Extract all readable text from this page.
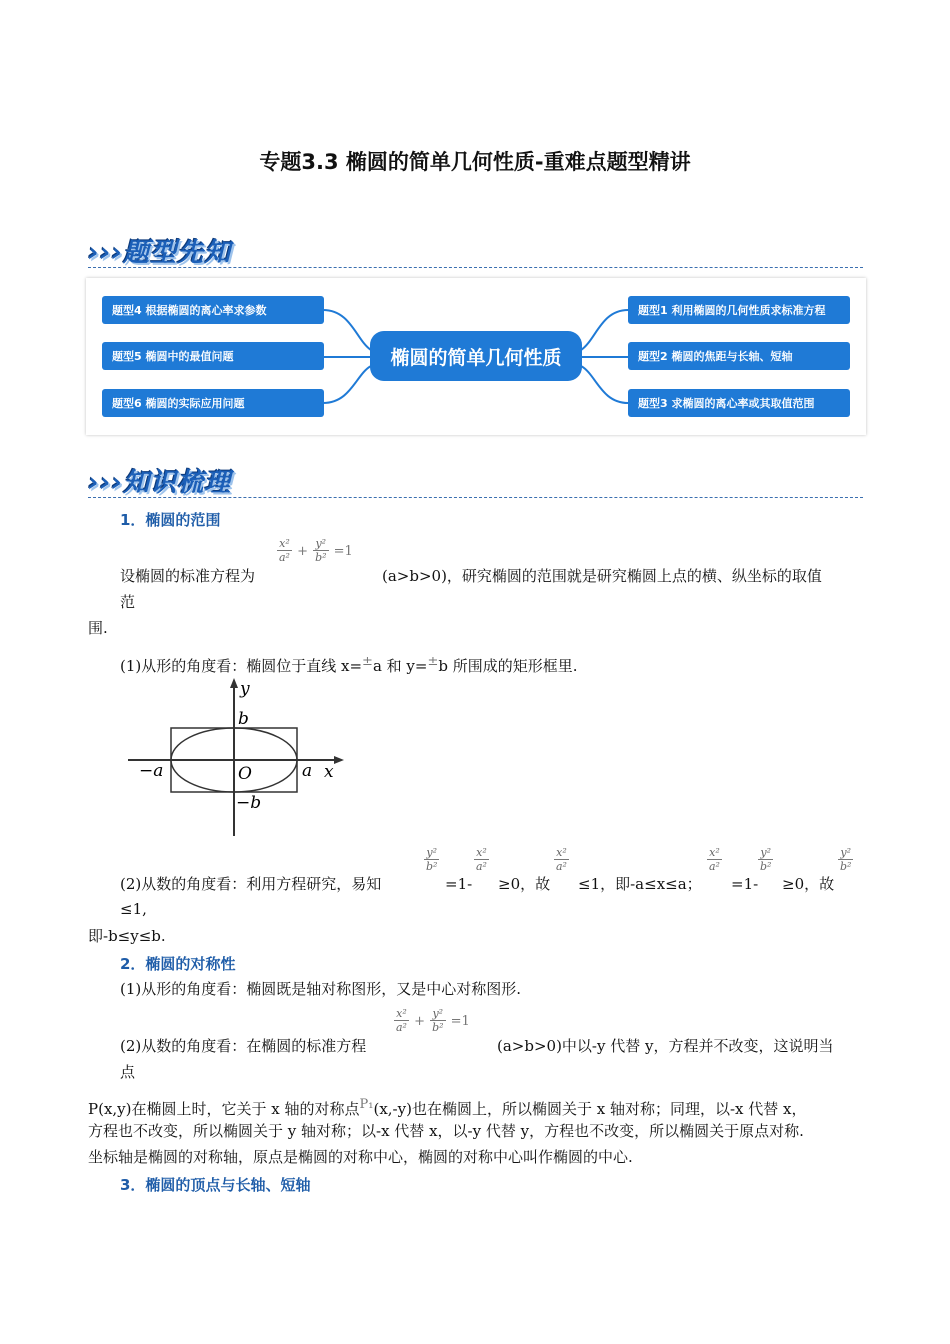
专题3.3 椭圆的简单几何性质-重难点题型精讲
›››题型先知
题型4 根据椭圆的离心率求参数
题型5 椭圆中的最值问题
题型6 椭圆的实际应用问题
椭圆的简单几何性质
题型1 利用椭圆的几何性质求标准方程
题型2 椭圆的焦距与长轴、短轴
题型3 求椭圆的离心率或其取值范围
›››知识梳理
1．椭圆的范围
$\frac{\text{x²}}{\text{a²}} + \frac{\text{y²}}{\text{b²}} =1$
设椭圆的标准方程为	(a>b>0)，研究椭圆的范围就是研究椭圆上点的横、纵坐标的取值
范
围.
(1)从形的角度看：椭圆位于直线 x=±a 和 y=±b 所围成的矩形框里.
y
b
−b
O
−a	a x
$\frac{\text{y²}}{\text{b²}}$	$\frac{\text{x²}}{\text{a²}}$	$\frac{\text{x²}}{\text{a²}}$	$\frac{\text{x²}}{\text{a²}}$	$\frac{\text{y²}}{\text{b²}}$	$\frac{\text{y²}}{\text{b²}}$
(2)从数的角度看：利用方程研究，易知	=1- ≥0，故 ≤1，即-a≤x≤a； =1- ≥0，故
≤1,
即-b≤y≤b.
2．椭圆的对称性
(1)从形的角度看：椭圆既是轴对称图形，又是中心对称图形.
$\frac{\text{x²}}{\text{a²}} + \frac{\text{y²}}{\text{b²}} =1$
(2)从数的角度看：在椭圆的标准方程	(a>b>0)中以-y 代替 y，方程并不改变，这说明当
点
P(x,y)在椭圆上时，它关于 x 轴的对称点$^{P_1}$(x,-y)也在椭圆上，所以椭圆关于 x 轴对称；同理，以-x 代替 x，
方程也不改变，所以椭圆关于 y 轴对称；以-x 代替 x，以-y 代替 y，方程也不改变，所以椭圆关于原点对称.
坐标轴是椭圆的对称轴，原点是椭圆的对称中心，椭圆的对称中心叫作椭圆的中心.
3．椭圆的顶点与长轴、短轴
